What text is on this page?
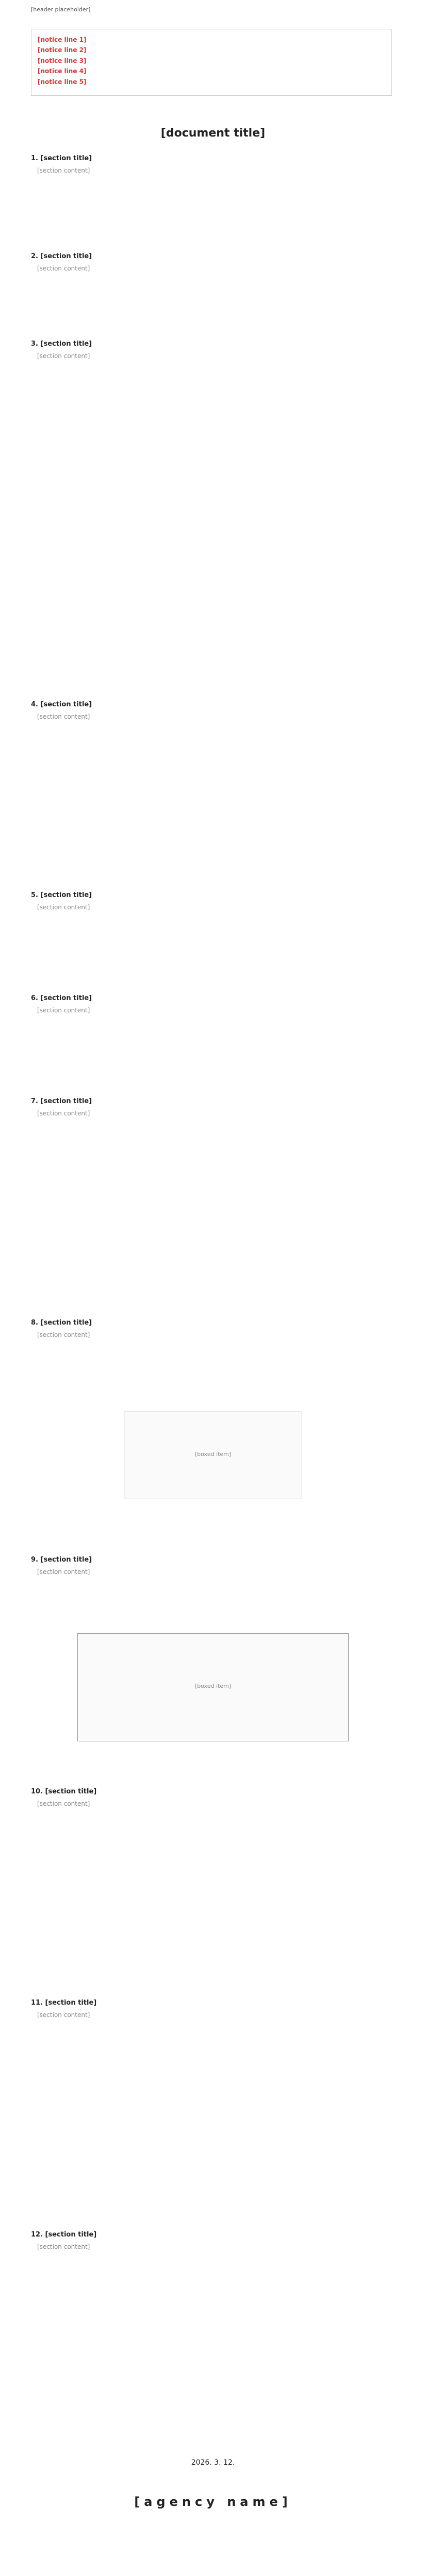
[header placeholder]
[notice line 1]
[notice line 2]
[notice line 3]
[notice line 4]
[notice line 5]
[document title]
1. [section title]
[section content]
2. [section title]
[section content]
3. [section title]
[section content]
4. [section title]
[section content]
5. [section title]
[section content]
6. [section title]
[section content]
7. [section title]
[section content]
8. [section title]
[section content]
[boxed item]
9. [section title]
[section content]
[boxed item]
10. [section title]
[section content]
11. [section title]
[section content]
12. [section title]
[section content]
2026. 3. 12.
[agency name]
